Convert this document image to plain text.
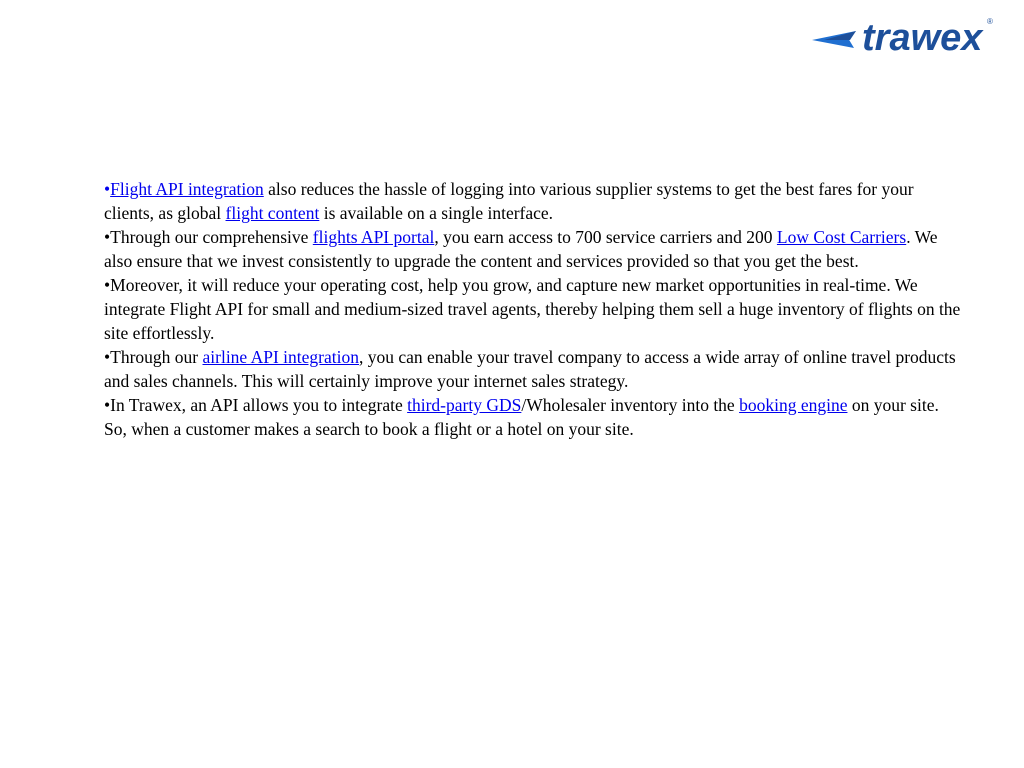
trawex ®

•Flight API integration also reduces the hassle of logging into various supplier systems to get the best fares for your clients, as global flight content is available on a single interface.

•Through our comprehensive flights API portal, you earn access to 700 service carriers and 200 Low Cost Carriers. We also ensure that we invest consistently to upgrade the content and services provided so that you get the best.

•Moreover, it will reduce your operating cost, help you grow, and capture new market opportunities in real-time. We integrate Flight API for small and medium-sized travel agents, thereby helping them sell a huge inventory of flights on the site effortlessly.

•Through our airline API integration, you can enable your travel company to access a wide array of online travel products and sales channels. This will certainly improve your internet sales strategy.

•In Trawex, an API allows you to integrate third-party GDS/Wholesaler inventory into the booking engine on your site. So, when a customer makes a search to book a flight or a hotel on your site.
